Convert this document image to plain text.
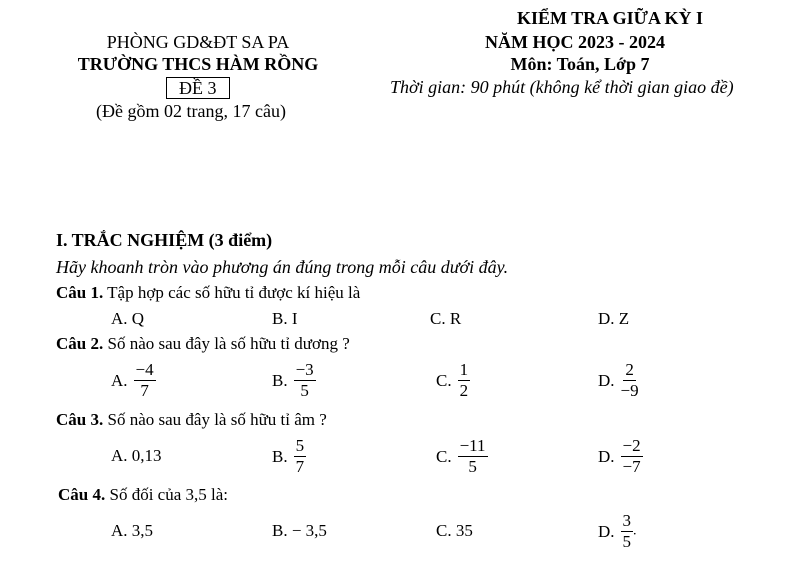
KIỂM TRA GIỮA KỲ I
PHÒNG GD&ĐT SA PA	NĂM HỌC 2023 - 2024
TRƯỜNG THCS HÀM RỒNG	Môn: Toán, Lớp 7
ĐỀ 3	Thời gian: 90 phút (không kể thời gian giao đề)
(Đề gồm 02 trang, 17 câu)
I. TRẮC NGHIỆM (3 điểm)
Hãy khoanh tròn vào phương án đúng trong mỗi câu dưới đây.
Câu 1. Tập hợp các số hữu tỉ được kí hiệu là
A. Q	B. I	C. R	D. Z
Câu 2. Số nào sau đây là số hữu tỉ dương ?
A. $\frac{-4}{7}$	B. $\frac{-3}{5}$	C. $\frac{1}{2}$	D. $\frac{2}{-9}$
Câu 3. Số nào sau đây là số hữu tỉ âm ?
A. 0,13	B. $\frac{5}{7}$	C. $\frac{-11}{5}$	D. $\frac{-2}{-7}$
Câu 4. Số đối của 3,5 là:
A. 3,5	B. − 3,5	C. 35	D. $\frac{3}{5}$ .
